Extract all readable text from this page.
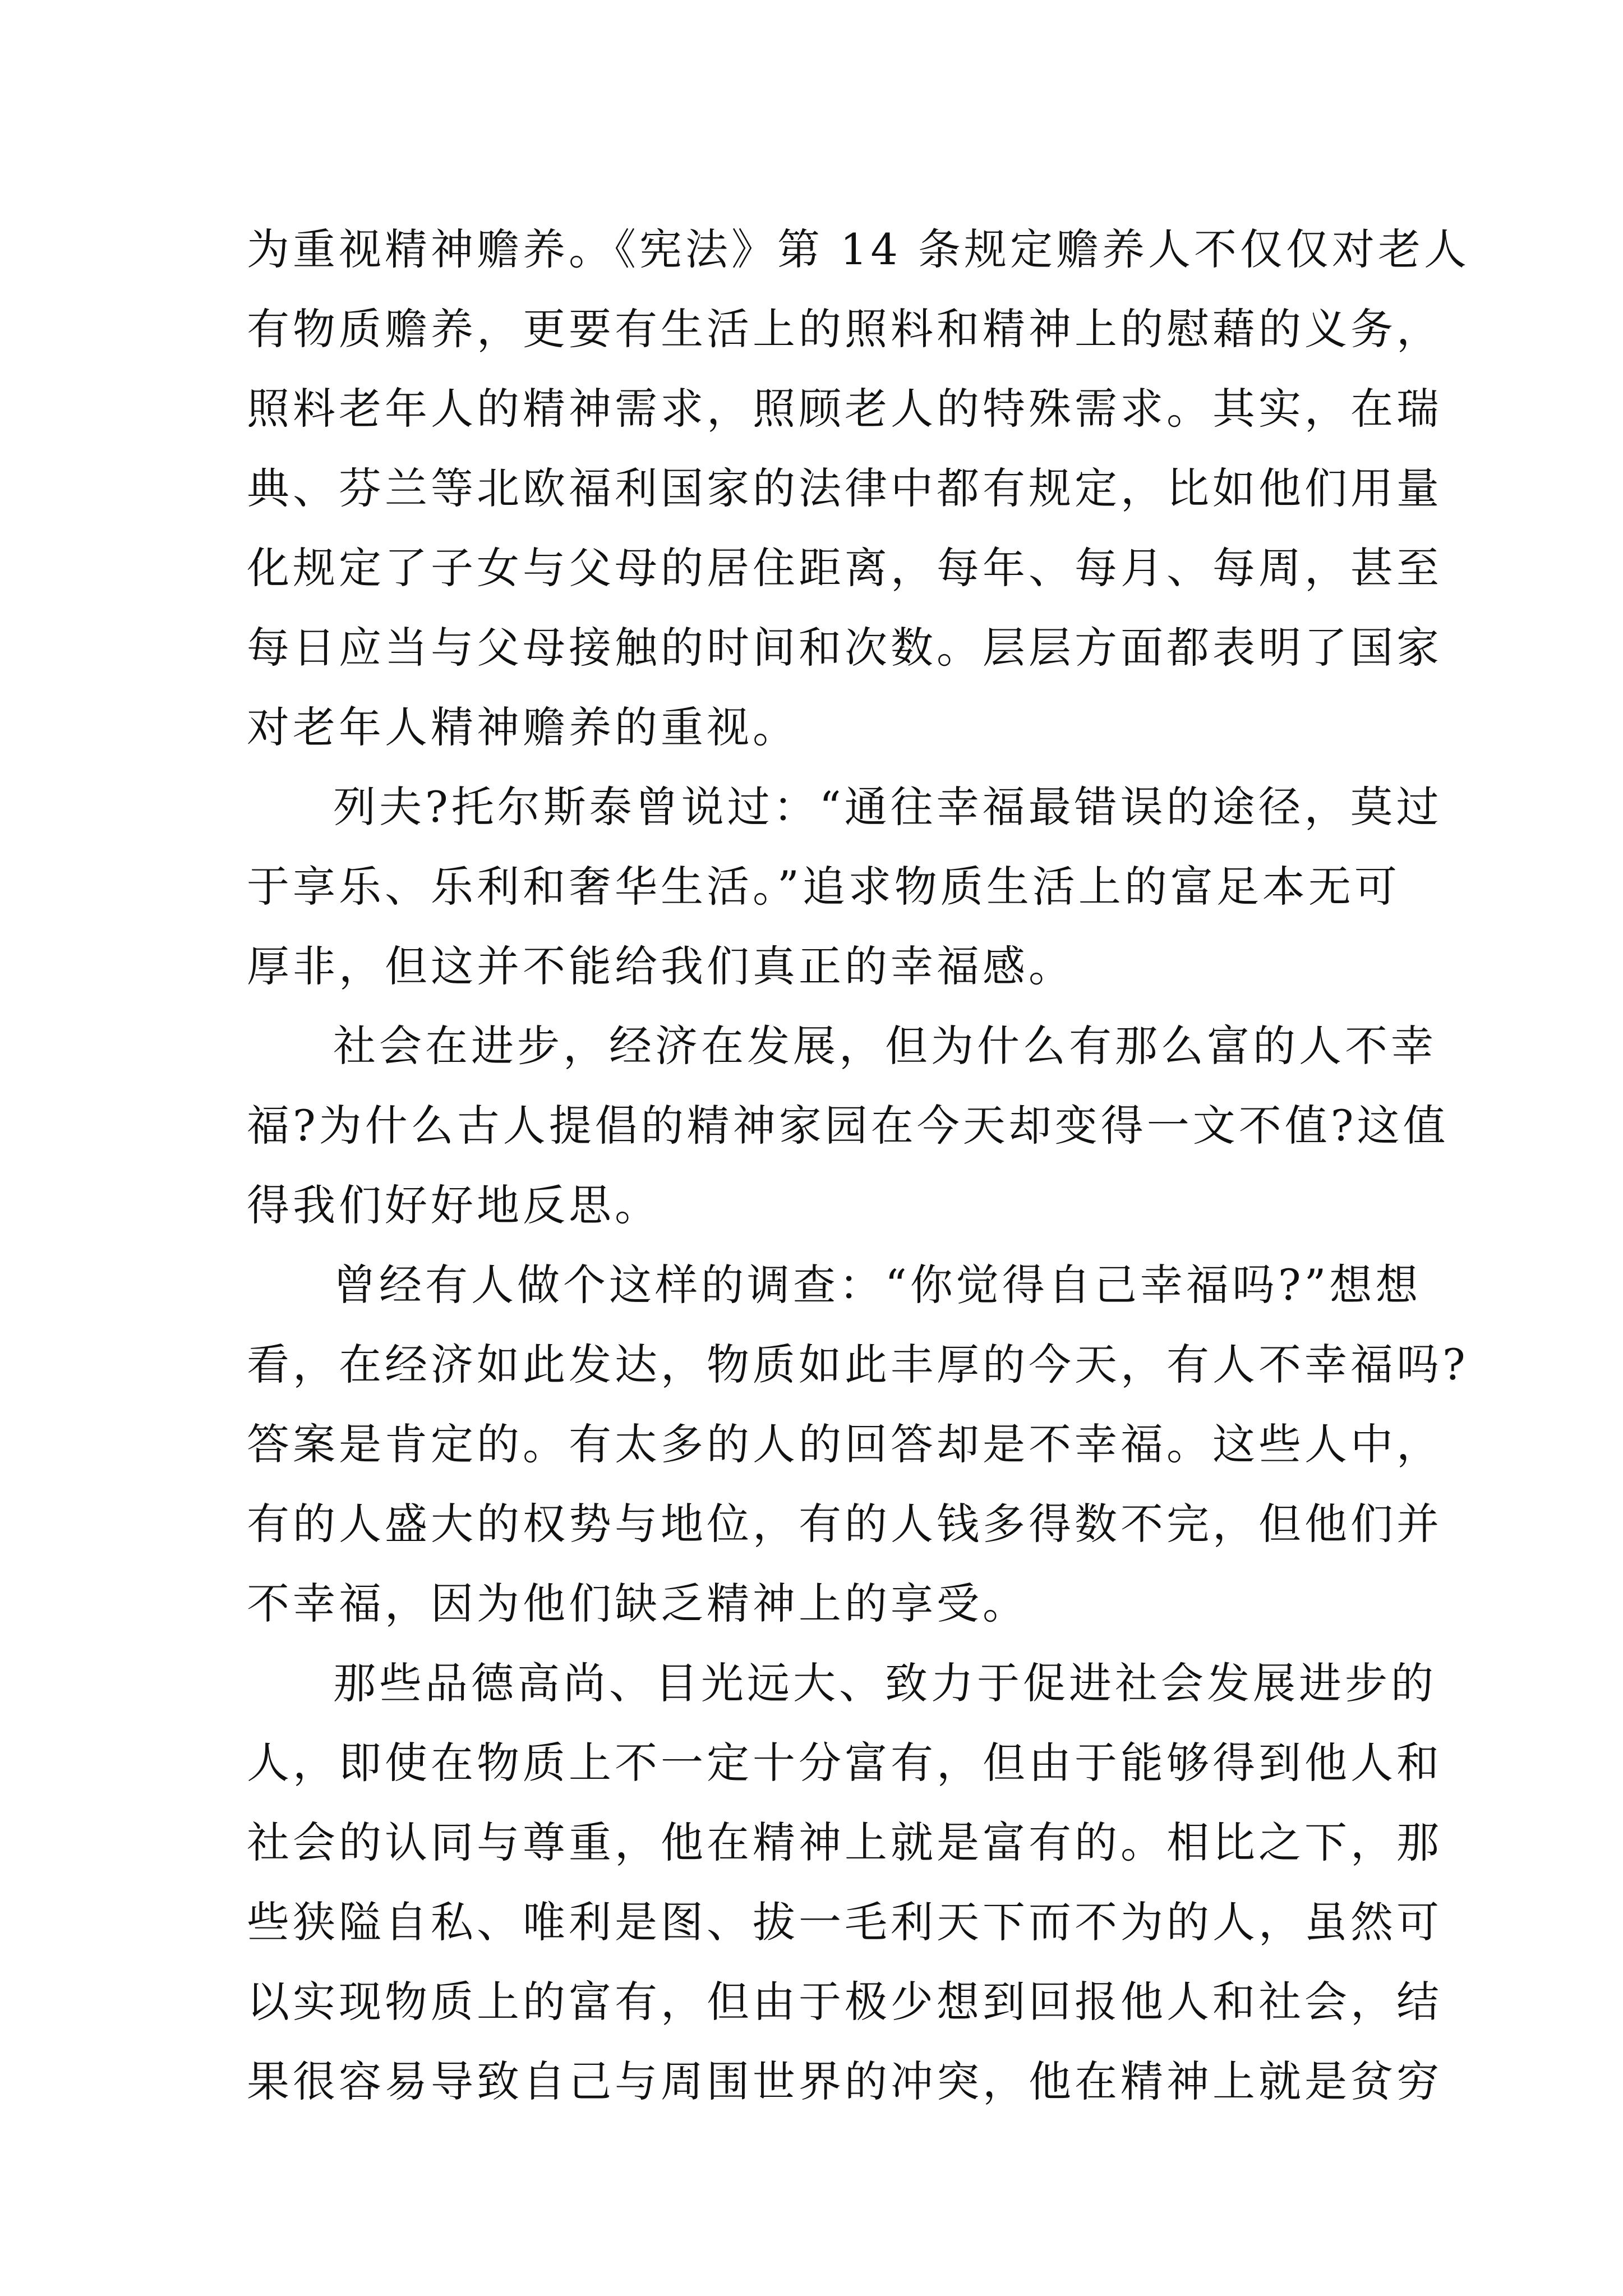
为重视精神赡养。《宪法》第 14 条规定赡养人不仅仅对老人
有物质赡养，更要有生活上的照料和精神上的慰藉的义务，
照料老年人的精神需求，照顾老人的特殊需求。其实，在瑞
典、芬兰等北欧福利国家的法律中都有规定，比如他们用量
化规定了子女与父母的居住距离，每年、每月、每周，甚至
每日应当与父母接触的时间和次数。层层方面都表明了国家
对老年人精神赡养的重视。
列夫?托尔斯泰曾说过：“通往幸福最错误的途径，莫过
于享乐、乐利和奢华生活。”追求物质生活上的富足本无可
厚非，但这并不能给我们真正的幸福感。
社会在进步，经济在发展，但为什么有那么富的人不幸
福?为什么古人提倡的精神家园在今天却变得一文不值?这值
得我们好好地反思。
曾经有人做个这样的调查：“你觉得自己幸福吗?”想想
看，在经济如此发达，物质如此丰厚的今天，有人不幸福吗?
答案是肯定的。有太多的人的回答却是不幸福。这些人中，
有的人盛大的权势与地位，有的人钱多得数不完，但他们并
不幸福，因为他们缺乏精神上的享受。
那些品德高尚、目光远大、致力于促进社会发展进步的
人，即使在物质上不一定十分富有，但由于能够得到他人和
社会的认同与尊重，他在精神上就是富有的。相比之下，那
些狭隘自私、唯利是图、拔一毛利天下而不为的人，虽然可
以实现物质上的富有，但由于极少想到回报他人和社会，结
果很容易导致自己与周围世界的冲突，他在精神上就是贫穷
